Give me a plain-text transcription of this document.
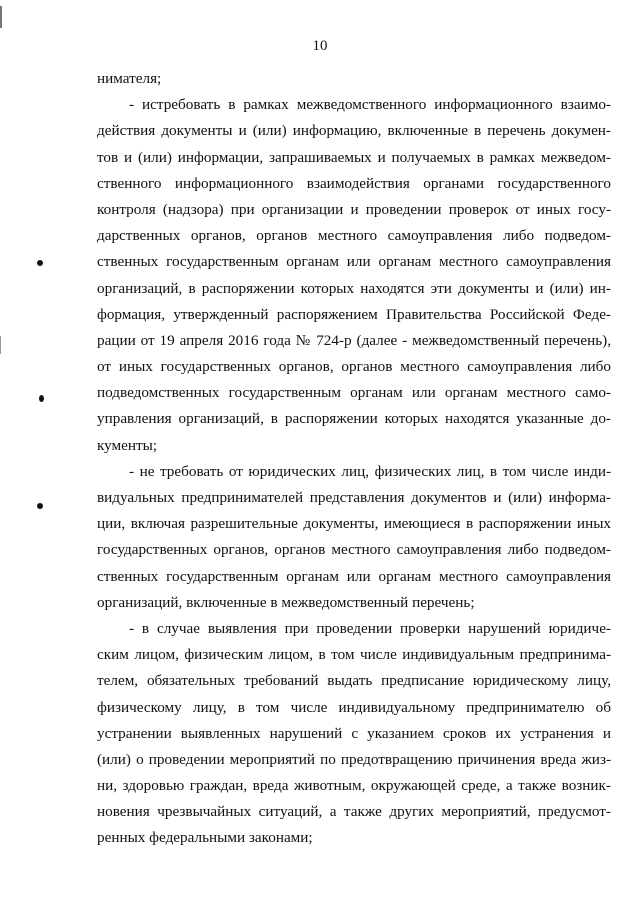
10
нимателя;
- истребовать в рамках межведомственного информационного взаимо-
действия документы и (или) информацию, включенные в перечень докумен-
тов и (или) информации, запрашиваемых и получаемых в рамках межведом-
ственного информационного взаимодействия органами государственного
контроля (надзора) при организации и проведении проверок от иных госу-
дарственных органов, органов местного самоуправления либо подведом-
ственных государственным органам или органам местного самоуправления
организаций, в распоряжении которых находятся эти документы и (или) ин-
формация, утвержденный распоряжением Правительства Российской Феде-
рации от 19 апреля 2016 года № 724-р (далее - межведомственный перечень),
от иных государственных органов, органов местного самоуправления либо
подведомственных государственным органам или органам местного само-
управления организаций, в распоряжении которых находятся указанные до-
кументы;
- не требовать от юридических лиц, физических лиц, в том числе инди-
видуальных предпринимателей представления документов и (или) информа-
ции, включая разрешительные документы, имеющиеся в распоряжении иных
государственных органов, органов местного самоуправления либо подведом-
ственных государственным органам или органам местного самоуправления
организаций, включенные в межведомственный перечень;
- в случае выявления при проведении проверки нарушений юридиче-
ским лицом, физическим лицом, в том числе индивидуальным предпринима-
телем, обязательных требований выдать предписание юридическому лицу,
физическому лицу, в том числе индивидуальному предпринимателю об
устранении выявленных нарушений с указанием сроков их устранения и
(или) о проведении мероприятий по предотвращению причинения вреда жиз-
ни, здоровью граждан, вреда животным, окружающей среде, а также возник-
новения чрезвычайных ситуаций, а также других мероприятий, предусмот-
ренных федеральными законами;
